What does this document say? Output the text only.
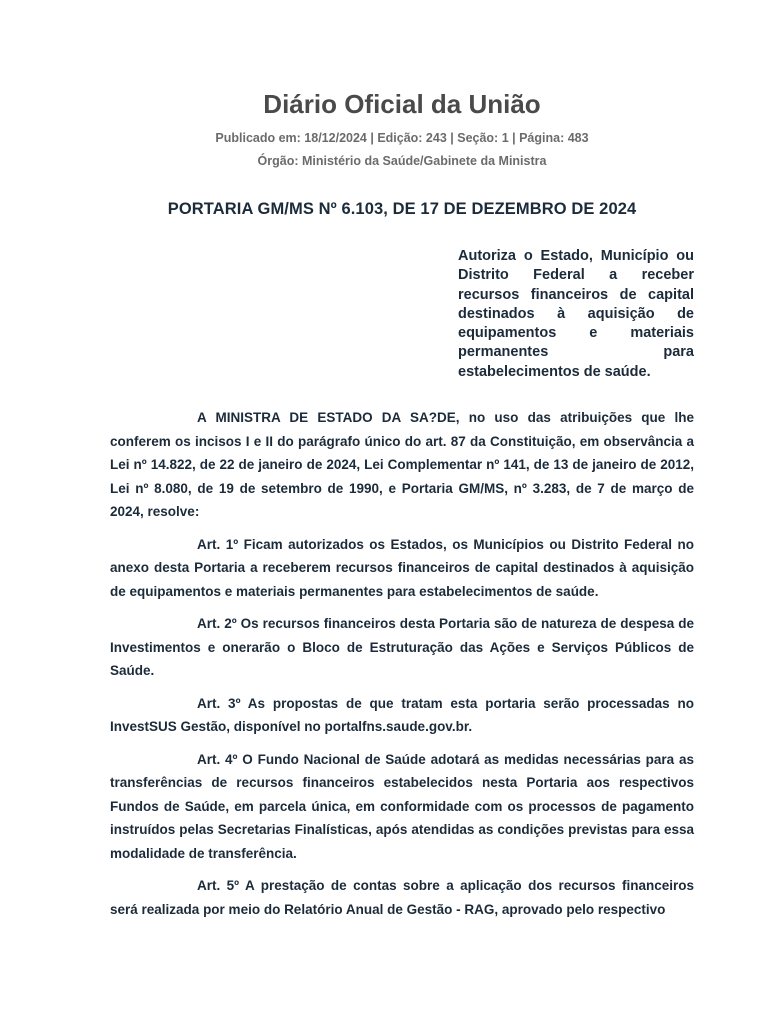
Diário Oficial da União
Publicado em: 18/12/2024 | Edição: 243 | Seção: 1 | Página: 483
Órgão: Ministério da Saúde/Gabinete da Ministra
PORTARIA GM/MS Nº 6.103, DE 17 DE DEZEMBRO DE 2024
Autoriza o Estado, Município ou Distrito Federal a receber recursos financeiros de capital destinados à aquisição de equipamentos e materiais permanentes para estabelecimentos de saúde.

A MINISTRA DE ESTADO DA SA?DE, no uso das atribuições que lhe conferem os incisos I e II do parágrafo único do art. 87 da Constituição, em observância a Lei nº 14.822, de 22 de janeiro de 2024, Lei Complementar nº 141, de 13 de janeiro de 2012, Lei nº 8.080, de 19 de setembro de 1990, e Portaria GM/MS, nº 3.283, de 7 de março de 2024, resolve:

Art. 1º Ficam autorizados os Estados, os Municípios ou Distrito Federal no anexo desta Portaria a receberem recursos financeiros de capital destinados à aquisição de equipamentos e materiais permanentes para estabelecimentos de saúde.

Art. 2º Os recursos financeiros desta Portaria são de natureza de despesa de Investimentos e onerarão o Bloco de Estruturação das Ações e Serviços Públicos de Saúde.

Art. 3º As propostas de que tratam esta portaria serão processadas no InvestSUS Gestão, disponível no portalfns.saude.gov.br.

Art. 4º O Fundo Nacional de Saúde adotará as medidas necessárias para as transferências de recursos financeiros estabelecidos nesta Portaria aos respectivos Fundos de Saúde, em parcela única, em conformidade com os processos de pagamento instruídos pelas Secretarias Finalísticas, após atendidas as condições previstas para essa modalidade de transferência.

Art. 5º A prestação de contas sobre a aplicação dos recursos financeiros será realizada por meio do Relatório Anual de Gestão - RAG, aprovado pelo respectivo
